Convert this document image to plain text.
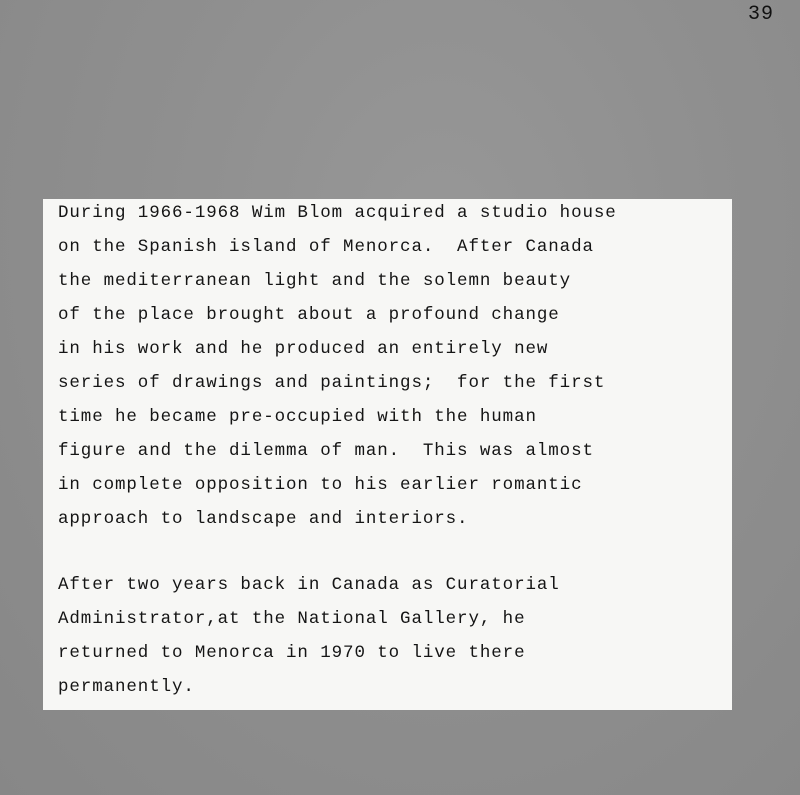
39
During 1966-1968 Wim Blom acquired a studio house
on the Spanish island of Menorca.  After Canada
the mediterranean light and the solemn beauty
of the place brought about a profound change
in his work and he produced an entirely new
series of drawings and paintings;  for the first
time he became pre-occupied with the human
figure and the dilemma of man.  This was almost
in complete opposition to his earlier romantic
approach to landscape and interiors.
After two years back in Canada as Curatorial
Administrator,at the National Gallery, he
returned to Menorca in 1970 to live there
permanently.
